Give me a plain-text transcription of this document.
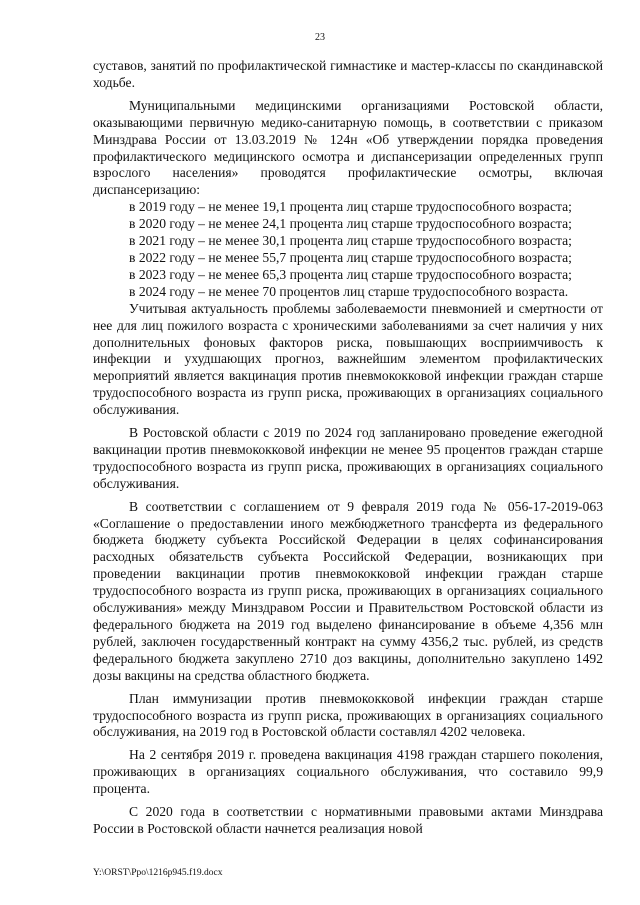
23

суставов, занятий по профилактической гимнастике и мастер-классы по скандинавской ходьбе.

Муниципальными медицинскими организациями Ростовской области, оказывающими первичную медико-санитарную помощь, в соответствии с приказом Минздрава России от 13.03.2019 № 124н «Об утверждении порядка проведения профилактического медицинского осмотра и диспансеризации определенных групп взрослого населения» проводятся профилактические осмотры, включая диспансеризацию:

в 2019 году – не менее 19,1 процента лиц старше трудоспособного возраста;

в 2020 году – не менее 24,1 процента лиц старше трудоспособного возраста;

в 2021 году – не менее 30,1 процента лиц старше трудоспособного возраста;

в 2022 году – не менее 55,7 процента лиц старше трудоспособного возраста;

в 2023 году – не менее 65,3 процента лиц старше трудоспособного возраста;

в 2024 году – не менее 70 процентов лиц старше трудоспособного возраста.

Учитывая актуальность проблемы заболеваемости пневмонией и смертности от нее для лиц пожилого возраста с хроническими заболеваниями за счет наличия у них дополнительных фоновых факторов риска, повышающих восприимчивость к инфекции и ухудшающих прогноз, важнейшим элементом профилактических мероприятий является вакцинация против пневмококковой инфекции граждан старше трудоспособного возраста из групп риска, проживающих в организациях социального обслуживания.

В Ростовской области с 2019 по 2024 год запланировано проведение ежегодной вакцинации против пневмококковой инфекции не менее 95 процентов граждан старше трудоспособного возраста из групп риска, проживающих в организациях социального обслуживания.

В соответствии с соглашением от 9 февраля 2019 года № 056-17-2019-063 «Соглашение о предоставлении иного межбюджетного трансферта из федерального бюджета бюджету субъекта Российской Федерации в целях софинансирования расходных обязательств субъекта Российской Федерации, возникающих при проведении вакцинации против пневмококковой инфекции граждан старше трудоспособного возраста из групп риска, проживающих в организациях социального обслуживания» между Минздравом России и Правительством Ростовской области из федерального бюджета на 2019 год выделено финансирование в объеме 4,356 млн рублей, заключен государственный контракт на сумму 4356,2 тыс. рублей, из средств федерального бюджета закуплено 2710 доз вакцины, дополнительно закуплено 1492 дозы вакцины на средства областного бюджета.

План иммунизации против пневмококковой инфекции граждан старше трудоспособного возраста из групп риска, проживающих в организациях социального обслуживания, на 2019 год в Ростовской области составлял 4202 человека.

На 2 сентября 2019 г. проведена вакцинация 4198 граждан старшего поколения, проживающих в организациях социального обслуживания, что составило 99,9 процента.

С 2020 года в соответствии с нормативными правовыми актами Минздрава России в Ростовской области начнется реализация новой

Y:\ORST\Ppo\1216p945.f19.docx
